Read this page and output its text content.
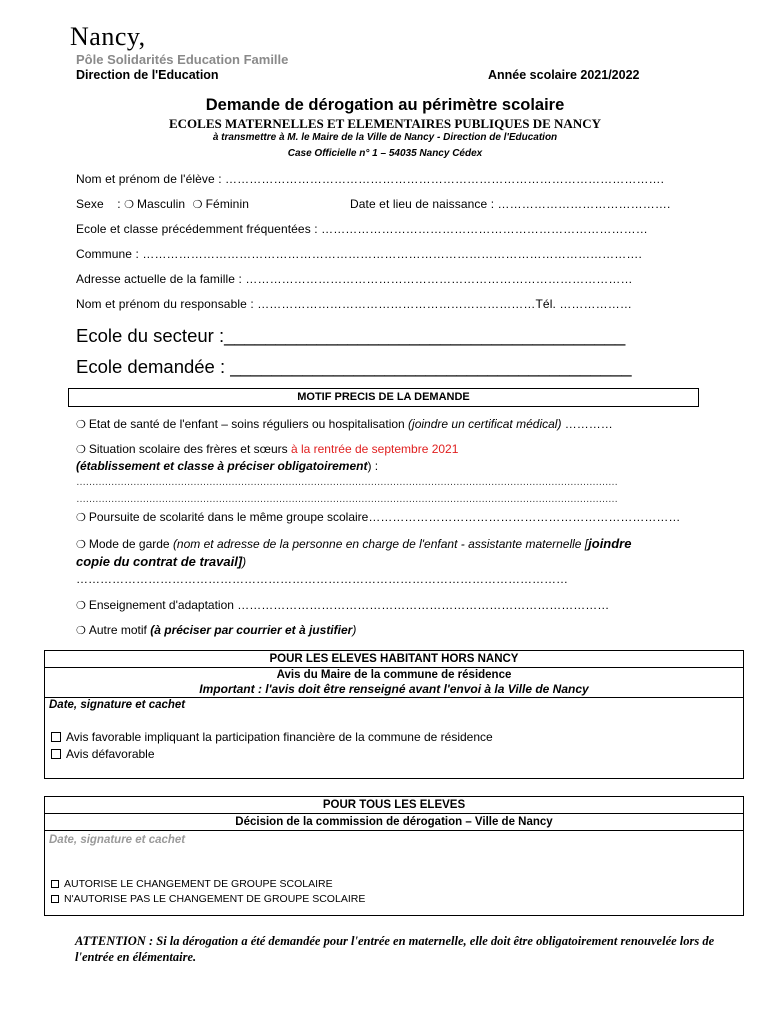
Nancy,
Pôle Solidarités Education Famille
Direction de l'Education	Année scolaire 2021/2022
Demande de dérogation au périmètre scolaire
ECOLES MATERNELLES ET ELEMENTAIRES PUBLIQUES DE NANCY
à transmettre à M. le Maire de la Ville de Nancy - Direction de l'Education
Case Officielle n° 1 – 54035 Nancy Cédex
Nom et prénom de l'élève : ……………………………………………………………………………………………….
Sexe : ❍ Masculin ❍ Féminin	Date et lieu de naissance : …………………………………….
Ecole et classe précédemment fréquentées : ………………………………………………………………………
Commune : …………………………………………………………………………………………………………….
Adresse actuelle de la famille : ……………………………………………………………………………………
Nom et prénom du responsable : ……………………………………………………………Tél. ………………
Ecole du secteur :_______________________________________
Ecole demandée : _______________________________________
MOTIF PRECIS DE LA DEMANDE
❍ Etat de santé de l'enfant – soins réguliers ou hospitalisation (joindre un certificat médical) …………
❍ Situation scolaire des frères et sœurs à la rentrée de septembre 2021
(établissement et classe à préciser obligatoirement) :
………………………………………………………………………………………………………………………………………………………
………………………………………………………………………………………………………………………………………………………
❍ Poursuite de scolarité dans le même groupe scolaire……………………………………………………………………
❍ Mode de garde (nom et adresse de la personne en charge de l'enfant - assistante maternelle [joindre
copie du contrat de travail])
……………………………………………………………………………………………………………
❍ Enseignement d'adaptation …………………………………………………………………………………
❍ Autre motif (à préciser par courrier et à justifier)
POUR LES ELEVES HABITANT HORS NANCY
Avis du Maire de la commune de résidence
Important : l'avis doit être renseigné avant l'envoi à la Ville de Nancy
Date, signature et cachet
Avis favorable impliquant la participation financière de la commune de résidence
Avis défavorable
POUR TOUS LES ELEVES
Décision de la commission de dérogation – Ville de Nancy
Date, signature et cachet
AUTORISE LE CHANGEMENT DE GROUPE SCOLAIRE
N'AUTORISE PAS LE CHANGEMENT DE GROUPE SCOLAIRE
ATTENTION : Si la dérogation a été demandée pour l'entrée en maternelle, elle doit être obligatoirement renouvelée lors de l'entrée en élémentaire.
